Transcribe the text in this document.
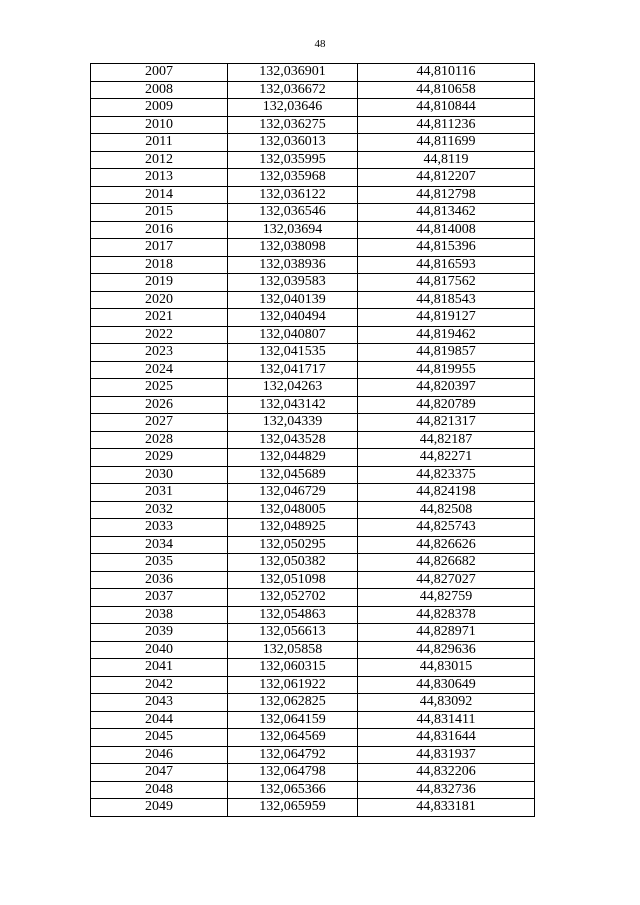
48
2007	132,036901	44,810116
2008	132,036672	44,810658
2009	132,03646	44,810844
2010	132,036275	44,811236
2011	132,036013	44,811699
2012	132,035995	44,8119
2013	132,035968	44,812207
2014	132,036122	44,812798
2015	132,036546	44,813462
2016	132,03694	44,814008
2017	132,038098	44,815396
2018	132,038936	44,816593
2019	132,039583	44,817562
2020	132,040139	44,818543
2021	132,040494	44,819127
2022	132,040807	44,819462
2023	132,041535	44,819857
2024	132,041717	44,819955
2025	132,04263	44,820397
2026	132,043142	44,820789
2027	132,04339	44,821317
2028	132,043528	44,82187
2029	132,044829	44,82271
2030	132,045689	44,823375
2031	132,046729	44,824198
2032	132,048005	44,82508
2033	132,048925	44,825743
2034	132,050295	44,826626
2035	132,050382	44,826682
2036	132,051098	44,827027
2037	132,052702	44,82759
2038	132,054863	44,828378
2039	132,056613	44,828971
2040	132,05858	44,829636
2041	132,060315	44,83015
2042	132,061922	44,830649
2043	132,062825	44,83092
2044	132,064159	44,831411
2045	132,064569	44,831644
2046	132,064792	44,831937
2047	132,064798	44,832206
2048	132,065366	44,832736
2049	132,065959	44,833181
